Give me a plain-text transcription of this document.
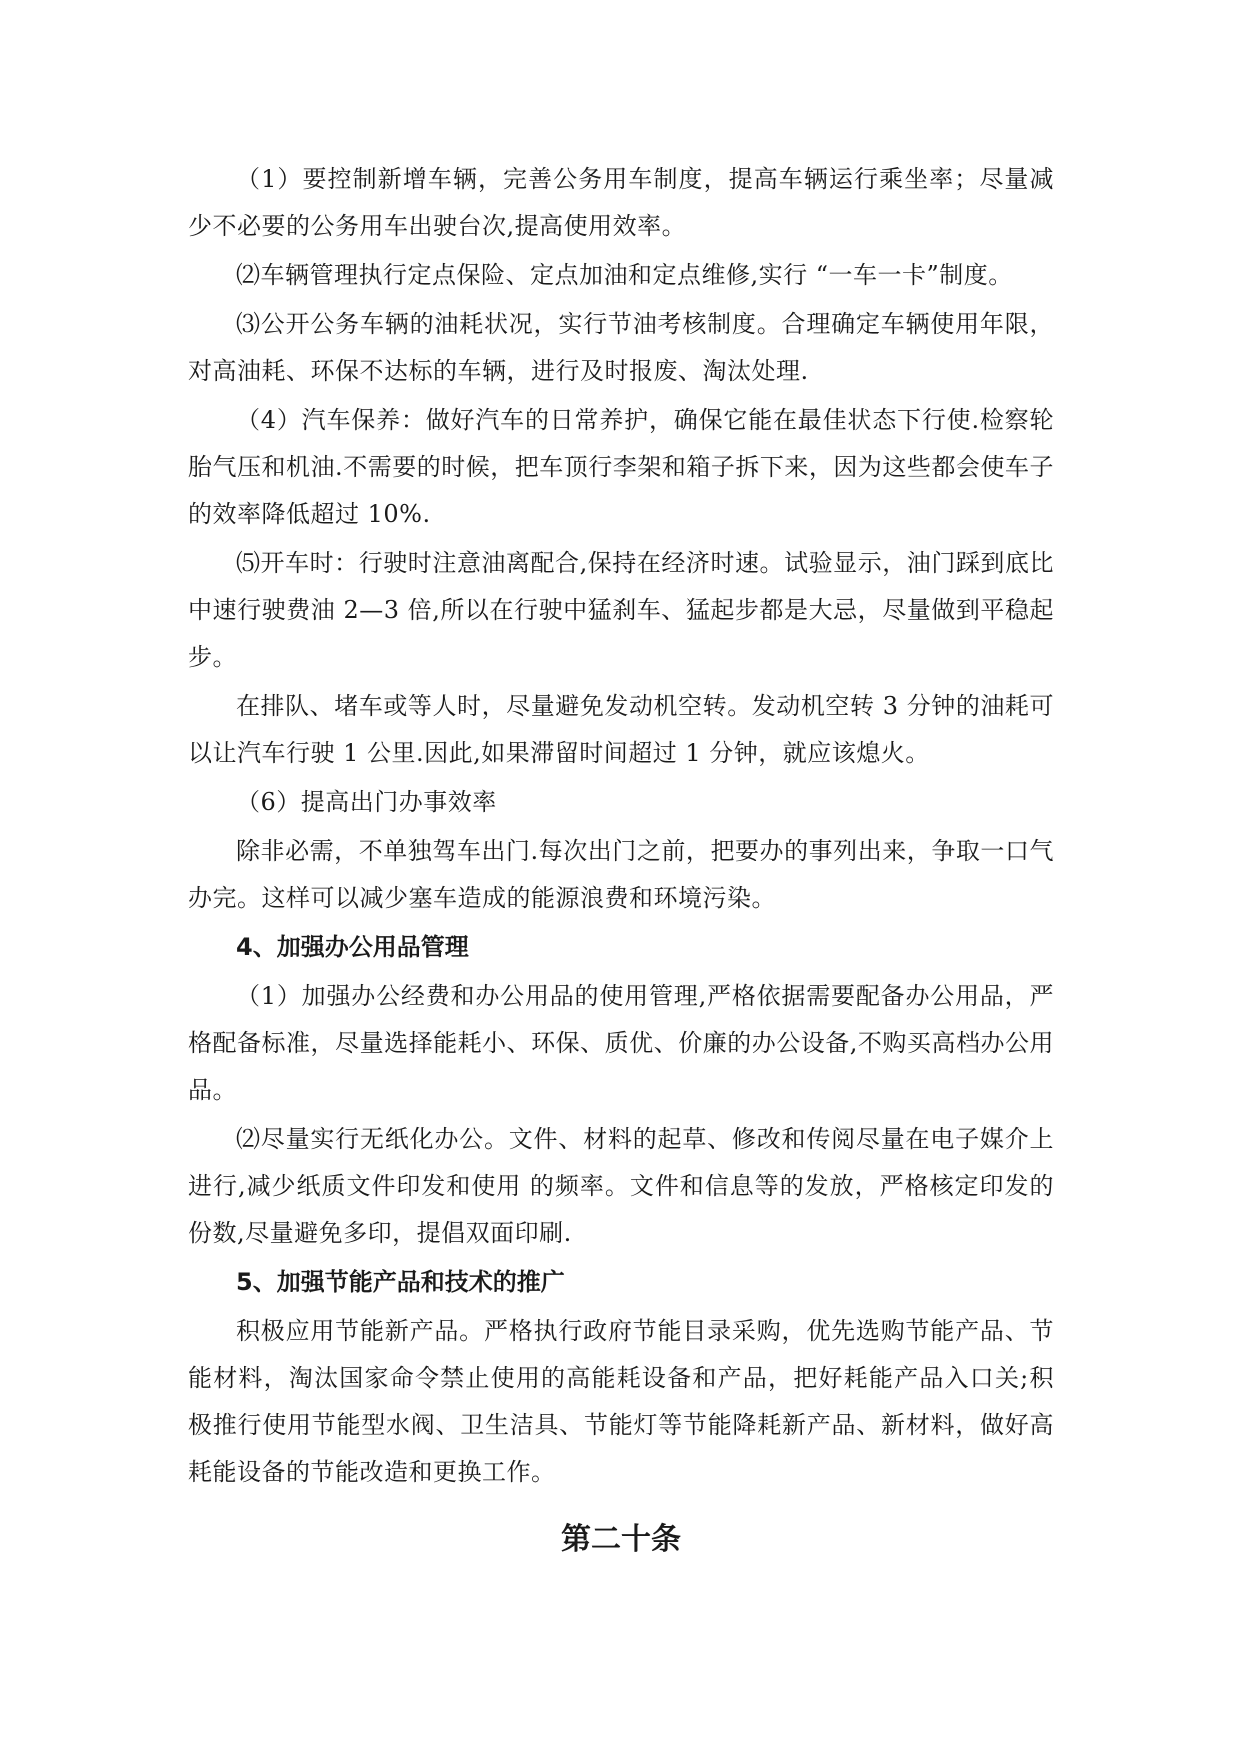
（1）要控制新增车辆，完善公务用车制度，提高车辆运行乘坐率；尽量减少不必要的公务用车出驶台次,提高使用效率。

⑵车辆管理执行定点保险、定点加油和定点维修,实行 “一车一卡”制度。

⑶公开公务车辆的油耗状况，实行节油考核制度。合理确定车辆使用年限，对高油耗、环保不达标的车辆，进行及时报废、淘汰处理.

（4）汽车保养：做好汽车的日常养护，确保它能在最佳状态下行使.检察轮胎气压和机油.不需要的时候，把车顶行李架和箱子拆下来，因为这些都会使车子的效率降低超过 10%.

⑸开车时：行驶时注意油离配合,保持在经济时速。试验显示，油门踩到底比中速行驶费油 2—3 倍,所以在行驶中猛刹车、猛起步都是大忌，尽量做到平稳起步。

在排队、堵车或等人时，尽量避免发动机空转。发动机空转 3 分钟的油耗可以让汽车行驶 1 公里.因此,如果滞留时间超过 1 分钟，就应该熄火。

（6）提高出门办事效率

除非必需，不单独驾车出门.每次出门之前，把要办的事列出来，争取一口气办完。这样可以减少塞车造成的能源浪费和环境污染。

4、加强办公用品管理

（1）加强办公经费和办公用品的使用管理,严格依据需要配备办公用品，严格配备标准，尽量选择能耗小、环保、质优、价廉的办公设备,不购买高档办公用品。

⑵尽量实行无纸化办公。文件、材料的起草、修改和传阅尽量在电子媒介上进行,减少纸质文件印发和使用 的频率。文件和信息等的发放，严格核定印发的份数,尽量避免多印，提倡双面印刷.

5、加强节能产品和技术的推广

积极应用节能新产品。严格执行政府节能目录采购，优先选购节能产品、节能材料，淘汰国家命令禁止使用的高能耗设备和产品，把好耗能产品入口关;积极推行使用节能型水阀、卫生洁具、节能灯等节能降耗新产品、新材料，做好高耗能设备的节能改造和更换工作。

第二十条
